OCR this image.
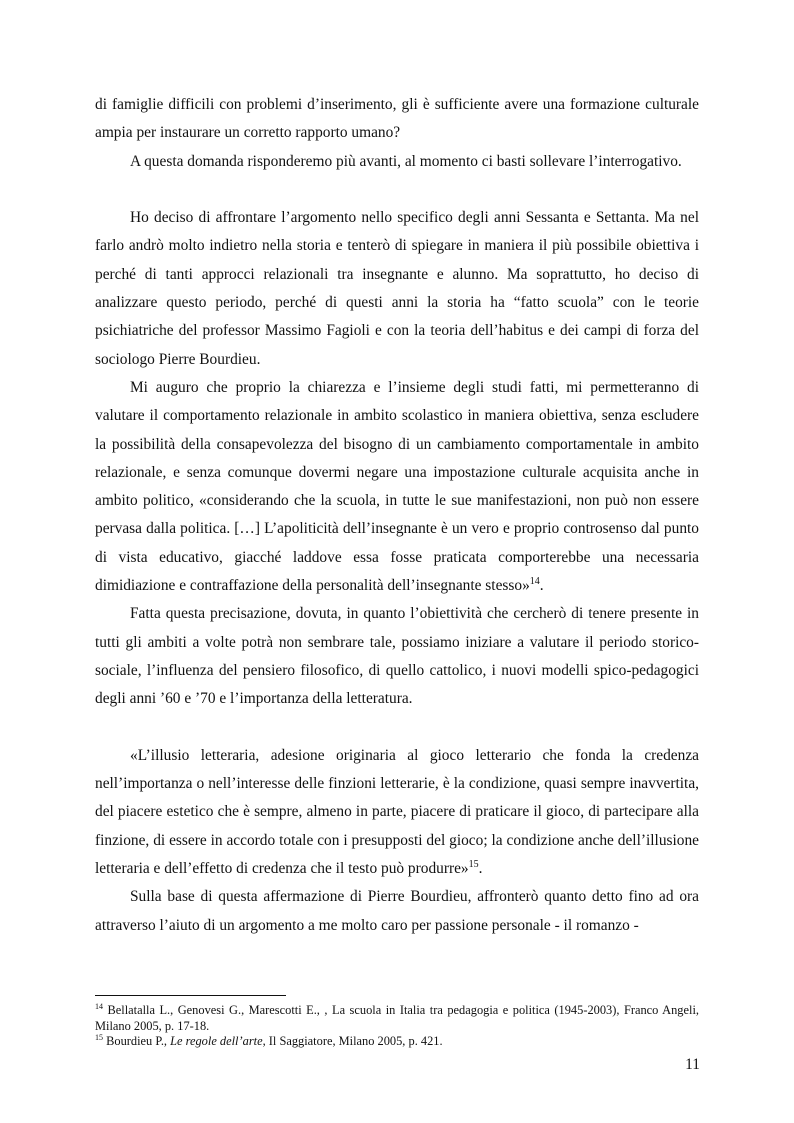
di famiglie difficili con problemi d’inserimento, gli è sufficiente avere una formazione culturale ampia per instaurare un corretto rapporto umano?

A questa domanda risponderemo più avanti, al momento ci basti sollevare l’interrogativo.

Ho deciso di affrontare l’argomento nello specifico degli anni Sessanta e Settanta. Ma nel farlo andrò molto indietro nella storia e tenterò di spiegare in maniera il più possibile obiettiva i perché di tanti approcci relazionali tra insegnante e alunno. Ma soprattutto, ho deciso di analizzare questo periodo, perché di questi anni la storia ha “fatto scuola” con le teorie psichiatriche del professor Massimo Fagioli e con la teoria dell’habitus e dei campi di forza del sociologo Pierre Bourdieu.

Mi auguro che proprio la chiarezza e l’insieme degli studi fatti, mi permetteranno di valutare il comportamento relazionale in ambito scolastico in maniera obiettiva, senza escludere la possibilità della consapevolezza del bisogno di un cambiamento comportamentale in ambito relazionale, e senza comunque dovermi negare una impostazione culturale acquisita anche in ambito politico, «considerando che la scuola, in tutte le sue manifestazioni, non può non essere pervasa dalla politica. […] L’apoliticità dell’insegnante è un vero e proprio controsenso dal punto di vista educativo, giacché laddove essa fosse praticata comporterebbe una necessaria dimidiazione e contraffazione della personalità dell’insegnante stesso»$^{14}$.

Fatta questa precisazione, dovuta, in quanto l’obiettività che cercherò di tenere presente in tutti gli ambiti a volte potrà non sembrare tale, possiamo iniziare a valutare il periodo storico-sociale, l’influenza del pensiero filosofico, di quello cattolico, i nuovi modelli spico-pedagogici degli anni ’60 e ’70 e l’importanza della letteratura.

«L’illusio letteraria, adesione originaria al gioco letterario che fonda la credenza nell’importanza o nell’interesse delle finzioni letterarie, è la condizione, quasi sempre inavvertita, del piacere estetico che è sempre, almeno in parte, piacere di praticare il gioco, di partecipare alla finzione, di essere in accordo totale con i presupposti del gioco; la condizione anche dell’illusione letteraria e dell’effetto di credenza che il testo può produrre»$^{15}$.

Sulla base di questa affermazione di Pierre Bourdieu, affronterò quanto detto fino ad ora attraverso l’aiuto di un argomento a me molto caro per passione personale - il romanzo -

$^{14}$ Bellatalla L., Genovesi G., Marescotti E., , La scuola in Italia tra pedagogia e politica (1945-2003), Franco Angeli, Milano 2005, p. 17-18.

$^{15}$ Bourdieu P., Le regole dell’arte, Il Saggiatore, Milano 2005, p. 421.

11
